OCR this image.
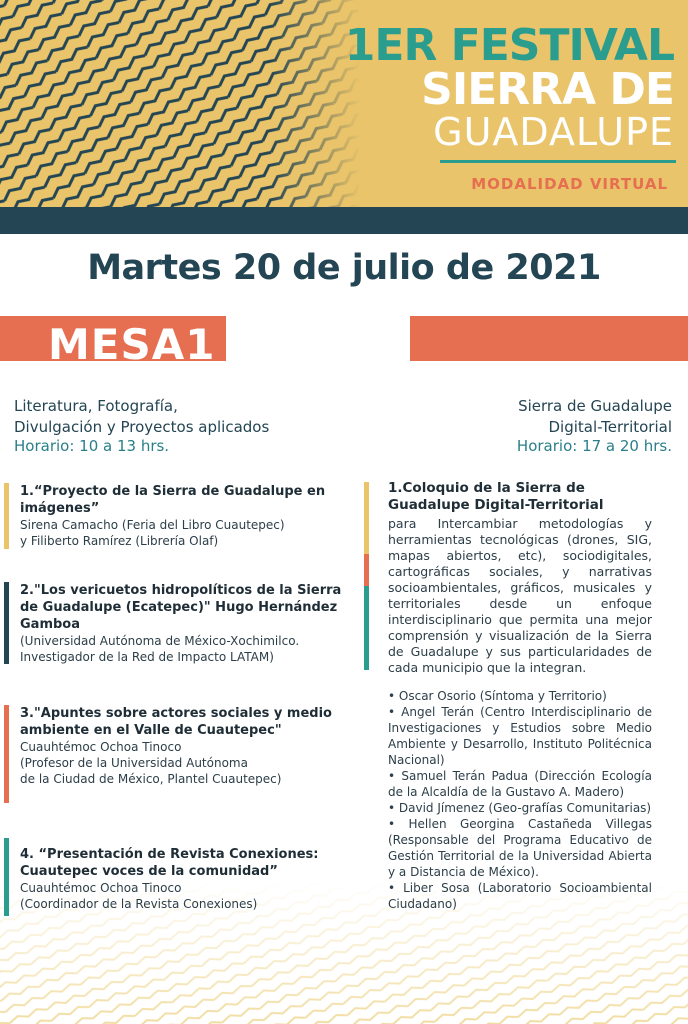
1ER FESTIVAL
SIERRA DE
GUADALUPE
MODALIDAD VIRTUAL
Martes 20 de julio de 2021
MESA1	MESA2
Literatura, Fotografía,
Divulgación y Proyectos aplicados
Horario: 10 a 13 hrs.
Sierra de Guadalupe
Digital-Territorial
Horario: 17 a 20 hrs.
1.“Proyecto de la Sierra de Guadalupe en imágenes”
Sirena Camacho (Feria del Libro Cuautepec)
y Filiberto Ramírez (Librería Olaf)
2."Los vericuetos hidropolíticos de la Sierra de Guadalupe (Ecatepec)" Hugo Hernández Gamboa
(Universidad Autónoma de México-Xochimilco.
Investigador de la Red de Impacto LATAM)
3."Apuntes sobre actores sociales y medio ambiente en el Valle de Cuautepec"
Cuauhtémoc Ochoa Tinoco
(Profesor de la Universidad Autónoma
de la Ciudad de México, Plantel Cuautepec)
4. “Presentación de Revista Conexiones: Cuautepec voces de la comunidad”
Cuauhtémoc Ochoa Tinoco
(Coordinador de la Revista Conexiones)
1.Coloquio de la Sierra de Guadalupe Digital-Territorial
para Intercambiar metodologías y herramientas tecnológicas (drones, SIG, mapas abiertos, etc), sociodigitales, cartográficas sociales, y narrativas socioambientales, gráficos, musicales y territoriales desde un enfoque interdisciplinario que permita una mejor comprensión y visualización de la Sierra de Guadalupe y sus particularidades de cada municipio que la integran.
• Oscar Osorio (Síntoma y Territorio)
• Angel Terán (Centro Interdisciplinario de Investigaciones y Estudios sobre Medio Ambiente y Desarrollo, Instituto Politécnica Nacional)
• Samuel Terán Padua (Dirección Ecología de la Alcaldía de la Gustavo A. Madero)
• David Jímenez (Geo-grafías Comunitarias)
• Hellen Georgina Castañeda Villegas (Responsable del Programa Educativo de Gestión Territorial de la Universidad Abierta y a Distancia de México).
• Liber Sosa (Laboratorio Socioambiental Ciudadano)
